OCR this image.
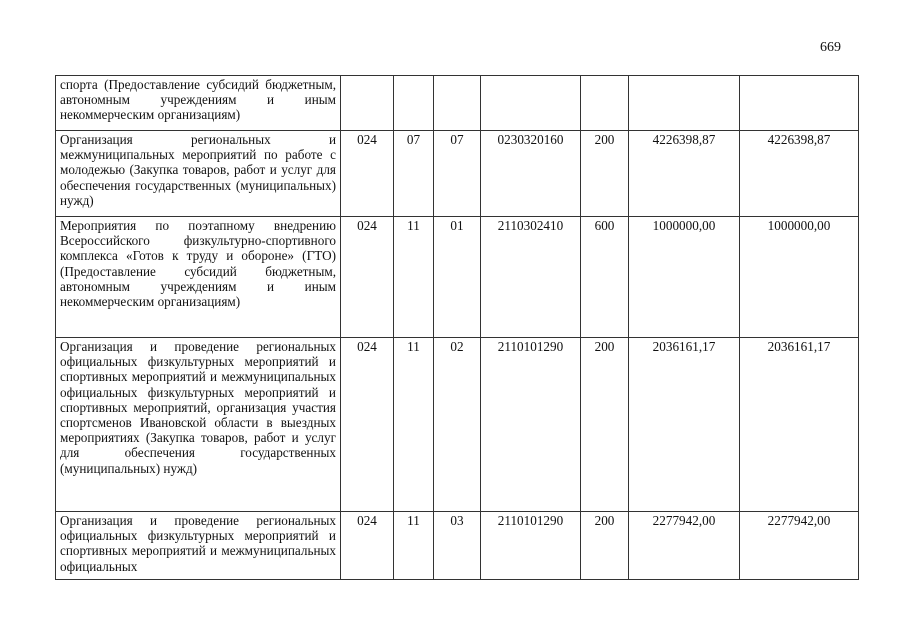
669
спорта (Предоставление субсидий бюджетным, автономным учреждениям и иным некоммерческим организациям)							
Организация региональных и межмуниципальных мероприятий по работе с молодежью (Закупка товаров, работ и услуг для обеспечения государственных (муниципальных) нужд)	024	07	07	0230320160	200	4226398,87	4226398,87
Мероприятия по поэтапному внедрению Всероссийского физкультурно-спортивного комплекса «Готов к труду и обороне» (ГТО) (Предоставление субсидий бюджетным, автономным учреждениям и иным некоммерческим организациям)	024	11	01	2110302410	600	1000000,00	1000000,00
Организация и проведение региональных официальных физкультурных мероприятий и спортивных мероприятий и межмуниципальных официальных физкультурных мероприятий и спортивных мероприятий, организация участия спортсменов Ивановской области в выездных мероприятиях (Закупка товаров, работ и услуг для обеспечения государственных (муниципальных) нужд)	024	11	02	2110101290	200	2036161,17	2036161,17
Организация и проведение региональных официальных физкультурных мероприятий и спортивных мероприятий и межмуниципальных официальных	024	11	03	2110101290	200	2277942,00	2277942,00
